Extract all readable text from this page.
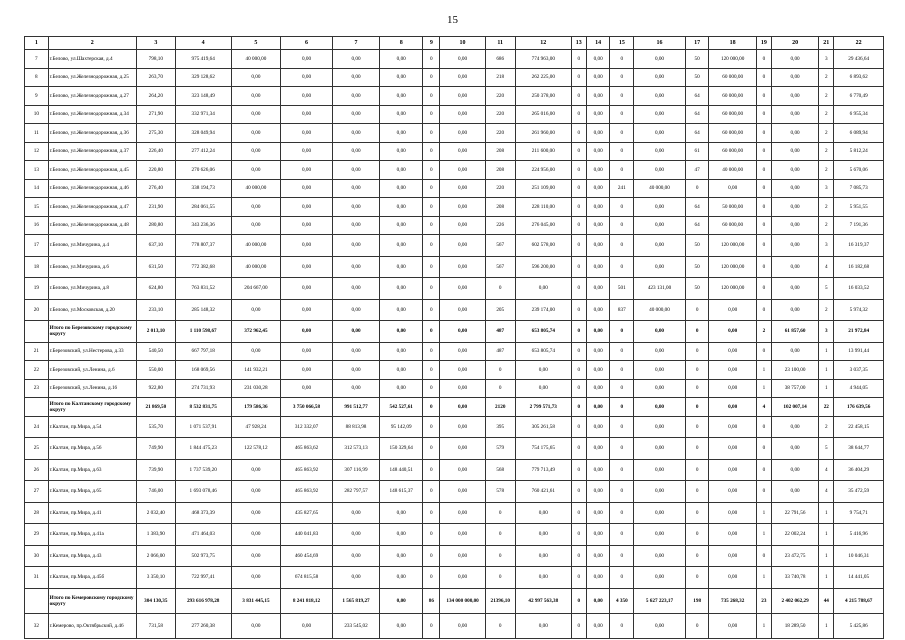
15
1	2	3	4	5	6	7	8	9	10	11	12	13	14	15	16	17	18	19	20	21	22
7	г.Белово, ул.Шахтерская, д.4	798,10	975 419,64	40 000,00	0,00	0,00	0,00	0	0,00	686	774 963,00	0	0,00	0	0,00	50	120 000,00	0	0,00	3	29 436,64
8	г.Белово, ул.Железнодорожная, д.25	263,70	329 128,62	0,00	0,00	0,00	0,00	0	0,00	218	262 225,00	0	0,00	0	0,00	50	60 000,00	0	0,00	2	6 893,62
9	г.Белово, ул.Железнодорожная, д.27	264,20	323 148,49	0,00	0,00	0,00	0,00	0	0,00	220	250 378,00	0	0,00	0	0,00	64	60 000,00	0	0,00	2	6 770,49
10	г.Белово, ул.Железнодорожная, д.34	271,90	332 971,34	0,00	0,00	0,00	0,00	0	0,00	220	265 016,00	0	0,00	0	0,00	64	60 000,00	0	0,00	2	6 955,34
11	г.Белово, ул.Железнодорожная, д.36	275,30	328 049,94	0,00	0,00	0,00	0,00	0	0,00	220	261 960,00	0	0,00	0	0,00	64	60 000,00	0	0,00	2	6 089,94
12	г.Белово, ул.Железнодорожная, д.37	226,40	277 412,24	0,00	0,00	0,00	0,00	0	0,00	208	211 600,00	0	0,00	0	0,00	61	60 000,00	0	0,00	2	5 812,24
13	г.Белово, ул.Железнодорожная, д.45	220,80	270 626,06	0,00	0,00	0,00	0,00	0	0,00	208	224 956,00	0	0,00	0	0,00	47	40 000,00	0	0,00	2	5 670,06
14	г.Белово, ул.Железнодорожная, д.46	276,40	338 194,73	40 000,00	0,00	0,00	0,00	0	0,00	220	251 109,00	0	0,00	241	40 000,00	0	0,00	0	0,00	3	7 085,73
15	г.Белово, ул.Железнодорожная, д.47	231,90	284 061,55	0,00	0,00	0,00	0,00	0	0,00	208	228 110,00	0	0,00	0	0,00	64	50 000,00	0	0,00	2	5 951,55
16	г.Белово, ул.Железнодорожная, д.48	280,80	343 236,36	0,00	0,00	0,00	0,00	0	0,00	226	276 045,00	0	0,00	0	0,00	64	60 000,00	0	0,00	2	7 191,36
17	г.Белово, ул.Мичурина, д.4	637,10	778 807,37	40 000,00	0,00	0,00	0,00	0	0,00	567	602 578,00	0	0,00	0	0,00	50	120 000,00	0	0,00	3	16 319,37
18	г.Белово, ул.Мичурина, д.6	631,50	772 382,68	40 000,00	0,00	0,00	0,00	0	0,00	567	596 200,00	0	0,00	0	0,00	50	120 000,00	0	0,00	4	16 182,68
19	г.Белово, ул.Мичурина, д.8	624,80	763 831,52	204 667,00	0,00	0,00	0,00	0	0,00	0	0,00	0	0,00	501	423 131,00	50	120 000,00	0	0,00	5	16 033,52
20	г.Белово, ул.Московская, д.20	233,10	285 148,32	0,00	0,00	0,00	0,00	0	0,00	205	239 174,00	0	0,00	837	40 000,00	0	0,00	0	0,00	2	5 974,32
	Итого по Березовскому городскому округу	2 013,10	1 110 598,67	372 962,45	0,00	0,00	0,00	0	0,00	487	653 805,74	0	0,00	0	0,00	0	0,00	2	61 857,60	3	21 972,84
21	г.Березовский, ул.Нестерова, д.33	540,50	667 797,18	0,00	0,00	0,00	0,00	0	0,00	487	653 805,74	0	0,00	0	0,00	0	0,00	0	0,00	1	13 991,44
22	г.Березовский, ул.Ленина, д.6	550,00	168 069,56	141 932,21	0,00	0,00	0,00	0	0,00	0	0,00	0	0,00	0	0,00	0	0,00	1	23 100,00	1	3 037,35
23	г.Березовский, ул.Ленина, д.16	922,80	274 731,93	231 030,28	0,00	0,00	0,00	0	0,00	0	0,00	0	0,00	0	0,00	0	0,00	1	38 757,00	1	4 944,05
	Итого по Калтанскому городскому округу	21 869,50	8 532 831,75	179 586,36	3 750 066,58	991 512,77	542 527,61	0	0,00	2120	2 799 571,73	0	0,00	0	0,00	0	0,00	4	102 007,14	22	176 639,56
24	г.Калтан, пр.Мира, д.54	535,70	1 071 537,91	47 928,24	312 332,07	88 813,98	95 142,09	0	0,00	395	305 261,58	0	0,00	0	0,00	0	0,00	0	0,00	2	22 458,15
25	г.Калтан, пр.Мира, д.56	749,90	1 844 475,23	122 578,12	465 863,62	312 573,13	150 329,64	0	0,00	579	754 175,65	0	0,00	0	0,00	0	0,00	0	0,00	5	38 644,77
26	г.Калтан, пр.Мира, д.63	739,90	1 737 539,20	0,00	465 863,92	307 116,99	148 440,51	0	0,00	568	779 713,49	0	0,00	0	0,00	0	0,00	0	0,00	4	36 404,29
27	г.Калтан, пр.Мира, д.65	746,00	1 693 078,46	0,00	465 863,92	282 797,57	148 615,37	0	0,00	578	760 421,61	0	0,00	0	0,00	0	0,00	0	0,00	4	35 472,59
28	г.Калтан, пр.Мира, д.41	2 032,40	468 373,39	0,00	435 827,65	0,00	0,00	0	0,00	0	0,00	0	0,00	0	0,00	0	0,00	1	22 791,56	1	9 754,71
29	г.Калтан, пр.Мира, д.41а	1 383,90	471 464,03	0,00	440 041,83	0,00	0,00	0	0,00	0	0,00	0	0,00	0	0,00	0	0,00	1	22 002,24	1	5 416,96
30	г.Калтан, пр.Мира, д.43	2 066,00	502 973,75	0,00	460 454,69	0,00	0,00	0	0,00	0	0,00	0	0,00	0	0,00	0	0,00	0	23 472,75	1	10 046,31
31	г.Калтан, пр.Мира, д.45б	3 350,10	722 997,41	0,00	674 815,58	0,00	0,00	0	0,00	0	0,00	0	0,00	0	0,00	0	0,00	1	33 740,78	1	14 441,05
	Итого по Кемеровскому городскому округу	304 130,35	293 616 978,28	3 831 445,15	8 241 818,12	1 565 819,27	0,00	86	134 000 000,00	21396,10	42 997 563,38	0	0,00	4 350	5 627 223,17	198	735 268,32	23	2 402 062,29	44	4 215 788,67
32	г.Кемерово, пр.Октябрьский, д.46	731,58	277 260,38	0,00	0,00	233 545,02	0,00	0	0,00	0	0,00	0	0,00	0	0,00	0	0,00	1	18 289,50	1	5 425,86
